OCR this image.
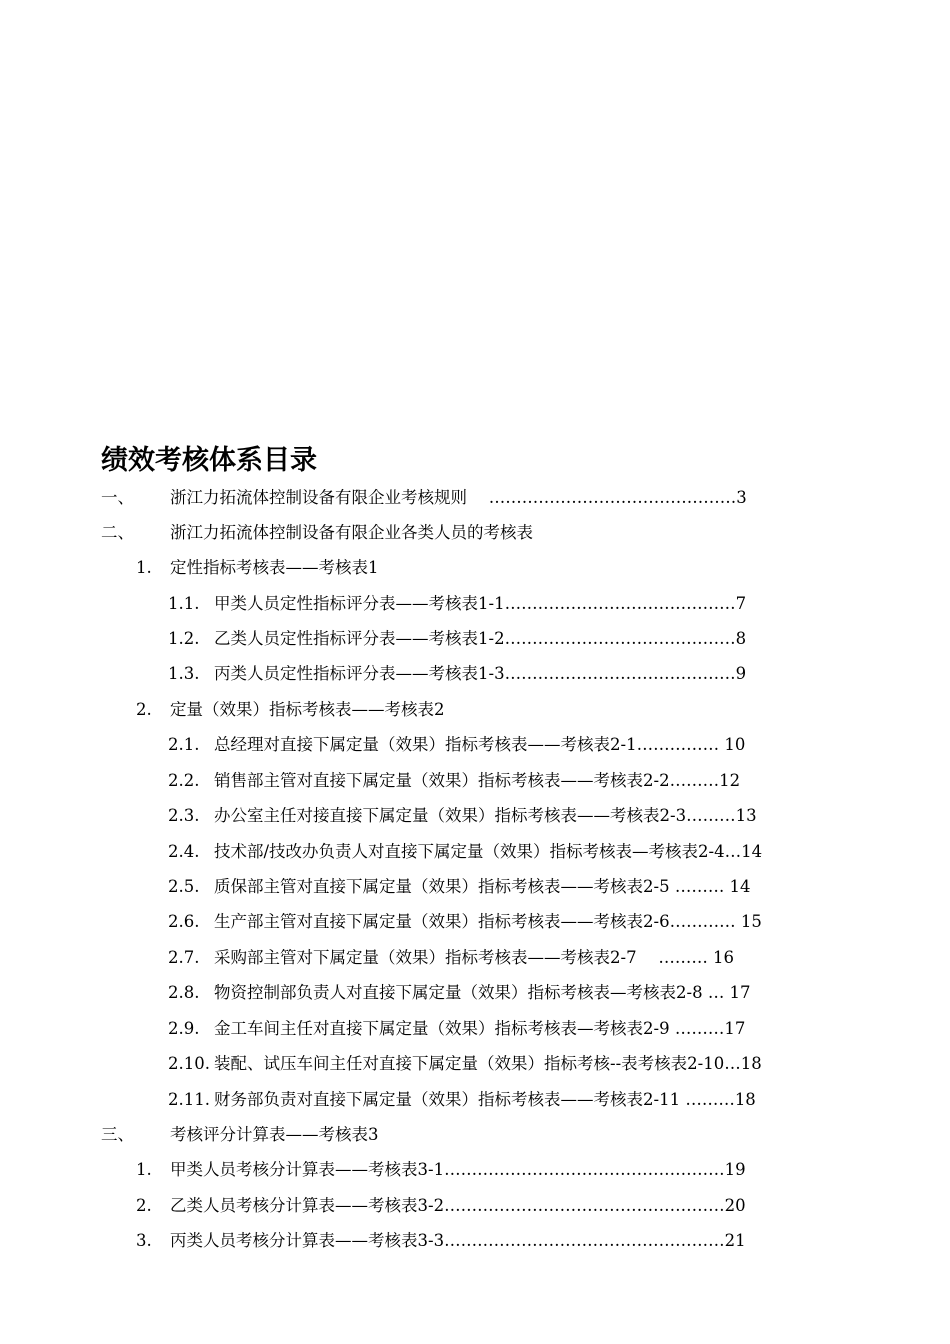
绩效考核体系目录
一、 浙江力拓流体控制设备有限企业考核规则　 ………………………………………3
二、 浙江力拓流体控制设备有限企业各类人员的考核表
1. 定性指标考核表——考核表1
1.1. 甲类人员定性指标评分表——考核表1-1……………………………………7
1.2. 乙类人员定性指标评分表——考核表1-2……………………………………8
1.3. 丙类人员定性指标评分表——考核表1-3……………………………………9
2. 定量（效果）指标考核表——考核表2
2.1. 总经理对直接下属定量（效果）指标考核表——考核表2-1…………… 10
2.2. 销售部主管对直接下属定量（效果）指标考核表——考核表2-2………12
2.3. 办公室主任对接直接下属定量（效果）指标考核表——考核表2-3………13
2.4. 技术部/技改办负责人对直接下属定量（效果）指标考核表—考核表2-4…14
2.5. 质保部主管对直接下属定量（效果）指标考核表——考核表2-5 ……… 14
2.6. 生产部主管对直接下属定量（效果）指标考核表——考核表2-6………… 15
2.7. 采购部主管对下属定量（效果）指标考核表——考核表2-7　 ……… 16
2.8. 物资控制部负责人对直接下属定量（效果）指标考核表—考核表2-8 … 17
2.9. 金工车间主任对直接下属定量（效果）指标考核表—考核表2-9 ………17
2.10. 装配、试压车间主任对直接下属定量（效果）指标考核--表考核表2-10…18
2.11. 财务部负责对直接下属定量（效果）指标考核表——考核表2-11 ………18
三、 考核评分计算表——考核表3
1. 甲类人员考核分计算表——考核表3-1……………………………………………19
2. 乙类人员考核分计算表——考核表3-2……………………………………………20
3. 丙类人员考核分计算表——考核表3-3……………………………………………21
